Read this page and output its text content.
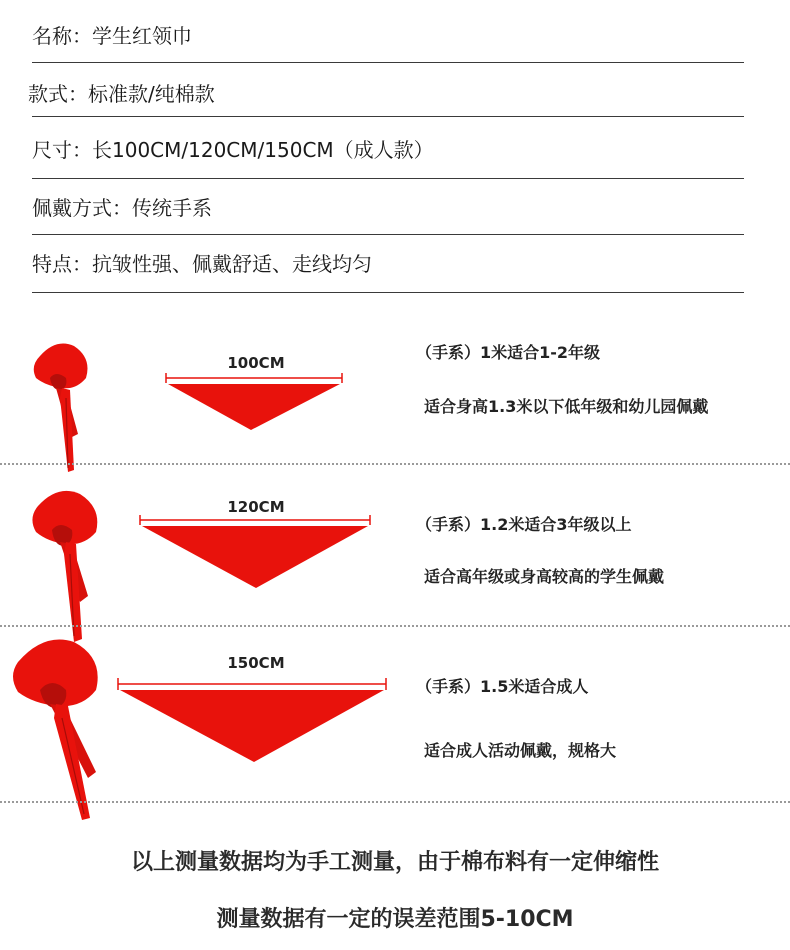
名称：学生红领巾
款式：标准款/纯棉款
尺寸：长100CM/120CM/150CM（成人款）
佩戴方式：传统手系
特点：抗皱性强、佩戴舒适、走线均匀
100CM
（手系）1米适合1-2年级
适合身高1.3米以下低年级和幼儿园佩戴
120CM
（手系）1.2米适合3年级以上
适合高年级或身高较高的学生佩戴
150CM
（手系）1.5米适合成人
适合成人活动佩戴，规格大
以上测量数据均为手工测量，由于棉布料有一定伸缩性
测量数据有一定的误差范围5-10CM
